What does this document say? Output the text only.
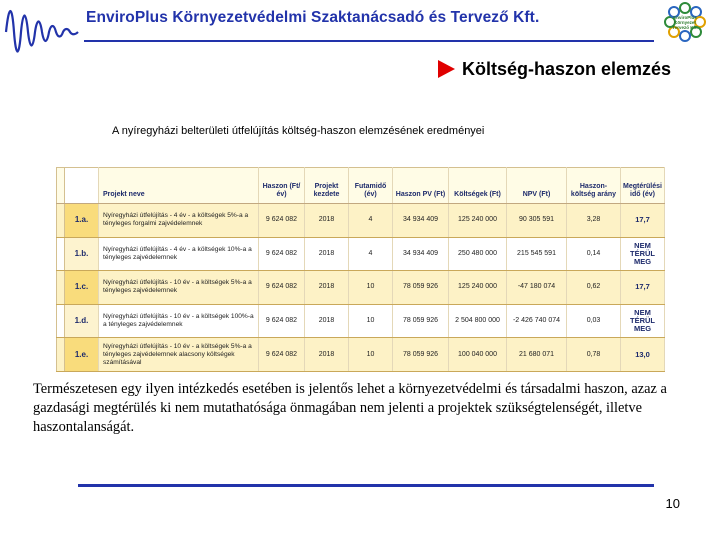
EnviroPlus Környezetvédelmi Szaktanácsadó és Tervező Kft.	EnviroPlus Környezet Tervező Kft.
Költség-haszon elemzés
A nyíregyházi belterületi útfelújítás költség-haszon elemzésének eredményei
		Projekt neve	Haszon (Ft/év)	Projekt kezdete	Futamidő (év)	Haszon PV (Ft)	Költségek (Ft)	NPV (Ft)	Haszon-költség arány	Megtérülési idő (év)
	1.a.	Nyíregyházi útfelújítás - 4 év - a költségek 5%-a a tényleges forgalmi zajvédelemnek	9 624 082	2018	4	34 934 409	125 240 000	90 305 591	3,28	17,7
	1.b.	Nyíregyházi útfelújítás - 4 év - a költségek 10%-a a tényleges zajvédelemnek	9 624 082	2018	4	34 934 409	250 480 000	215 545 591	0,14	NEM TÉRÜL MEG
	1.c.	Nyíregyházi útfelújítás - 10 év - a költségek 5%-a a tényleges zajvédelemnek	9 624 082	2018	10	78 059 926	125 240 000	-47 180 074	0,62	17,7
	1.d.	Nyíregyházi útfelújítás - 10 év - a költségek 100%-a a tényleges zajvédelemnek	9 624 082	2018	10	78 059 926	2 504 800 000	-2 426 740 074	0,03	NEM TÉRÜL MEG
	1.e.	Nyíregyházi útfelújítás - 10 év - a költségek 5%-a a tényleges zajvédelemnek alacsony költségek számításával	9 624 082	2018	10	78 059 926	100 040 000	21 680 071	0,78	13,0

Természetesen egy ilyen intézkedés esetében is jelentős lehet a környezetvédelmi és társadalmi haszon, azaz a gazdasági megtérülés ki nem mutathatósága önmagában nem jelenti a projektek szükségtelenségét, illetve haszontalanságát.

10
